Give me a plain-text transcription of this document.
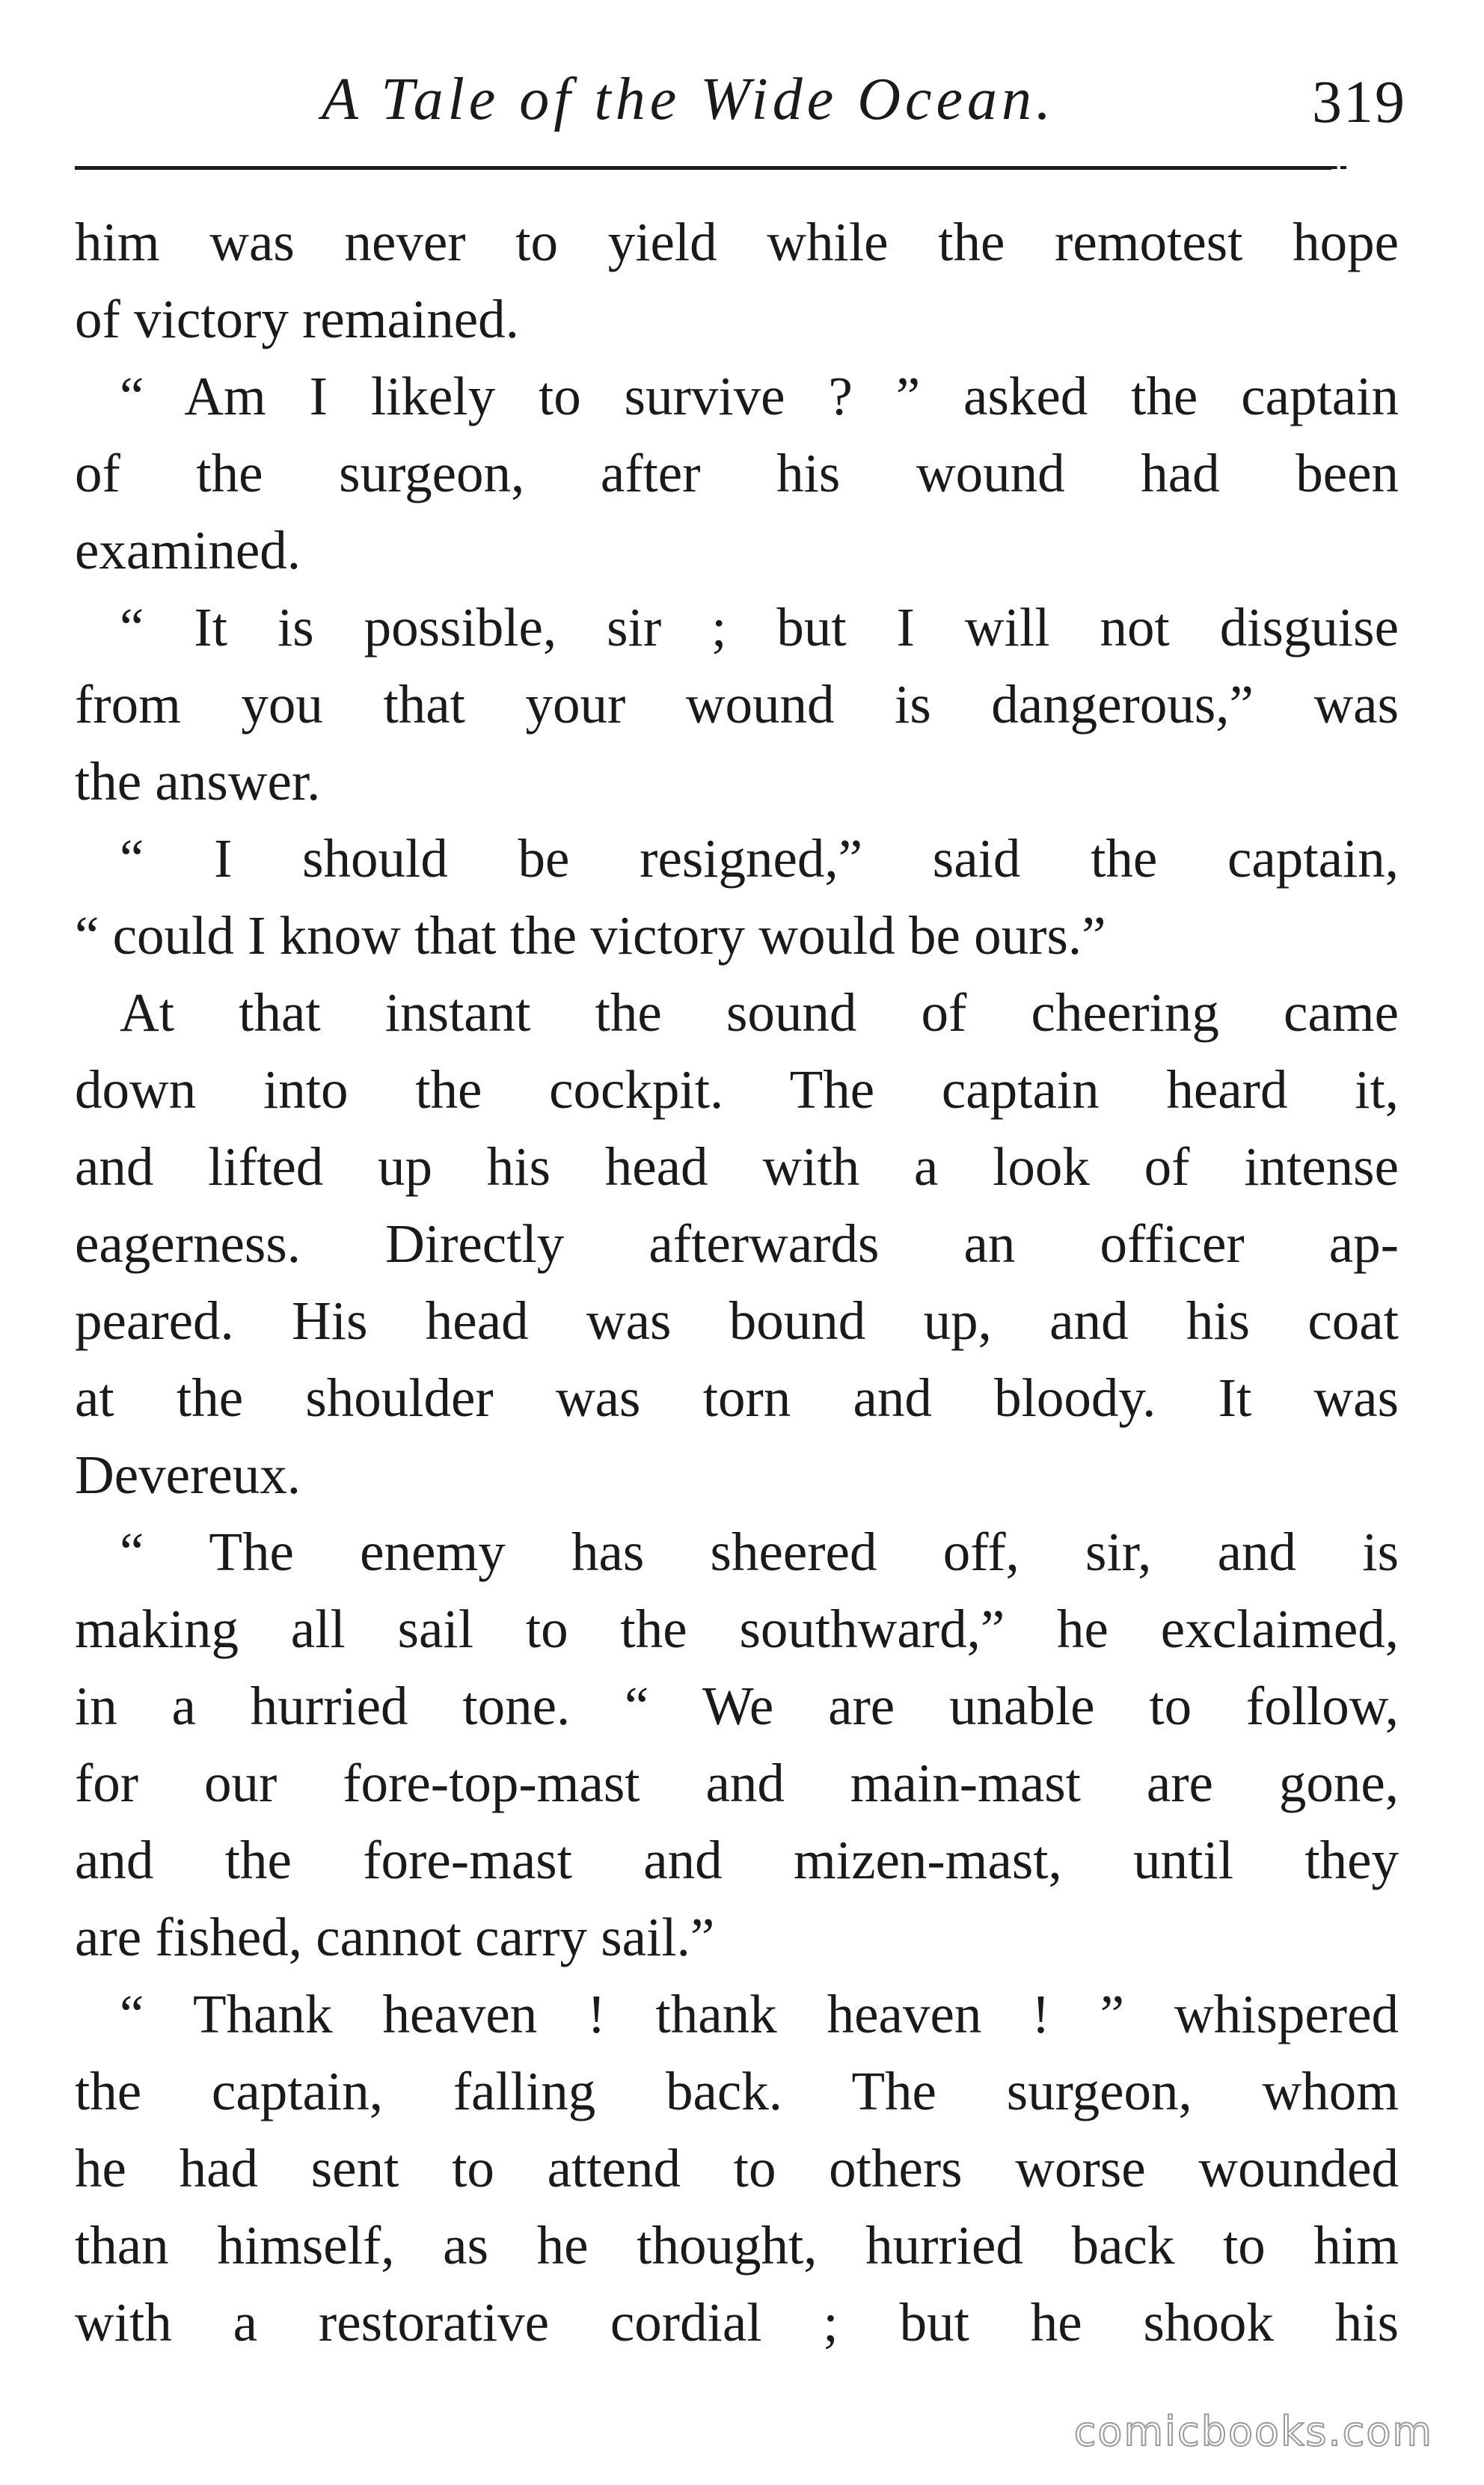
A Tale of the Wide Ocean.	319
him was never to yield while the remotest hope
of victory remained.
“ Am I likely to survive ? ” asked the captain
of the surgeon, after his wound had been
examined.
“ It is possible, sir ; but I will not disguise
from you that your wound is dangerous,” was
the answer.
“ I should be resigned,” said the captain,
“ could I know that the victory would be ours.”
At that instant the sound of cheering came
down into the cockpit. The captain heard it,
and lifted up his head with a look of intense
eagerness. Directly afterwards an officer ap-
peared. His head was bound up, and his coat
at the shoulder was torn and bloody. It was
Devereux.
“ The enemy has sheered off, sir, and is
making all sail to the southward,” he exclaimed,
in a hurried tone. “ We are unable to follow,
for our fore-top-mast and main-mast are gone,
and the fore-mast and mizen-mast, until they
are fished, cannot carry sail.”
“ Thank heaven ! thank heaven ! ” whispered
the captain, falling back. The surgeon, whom
he had sent to attend to others worse wounded
than himself, as he thought, hurried back to him
with a restorative cordial ; but he shook his
comicbooks.com
